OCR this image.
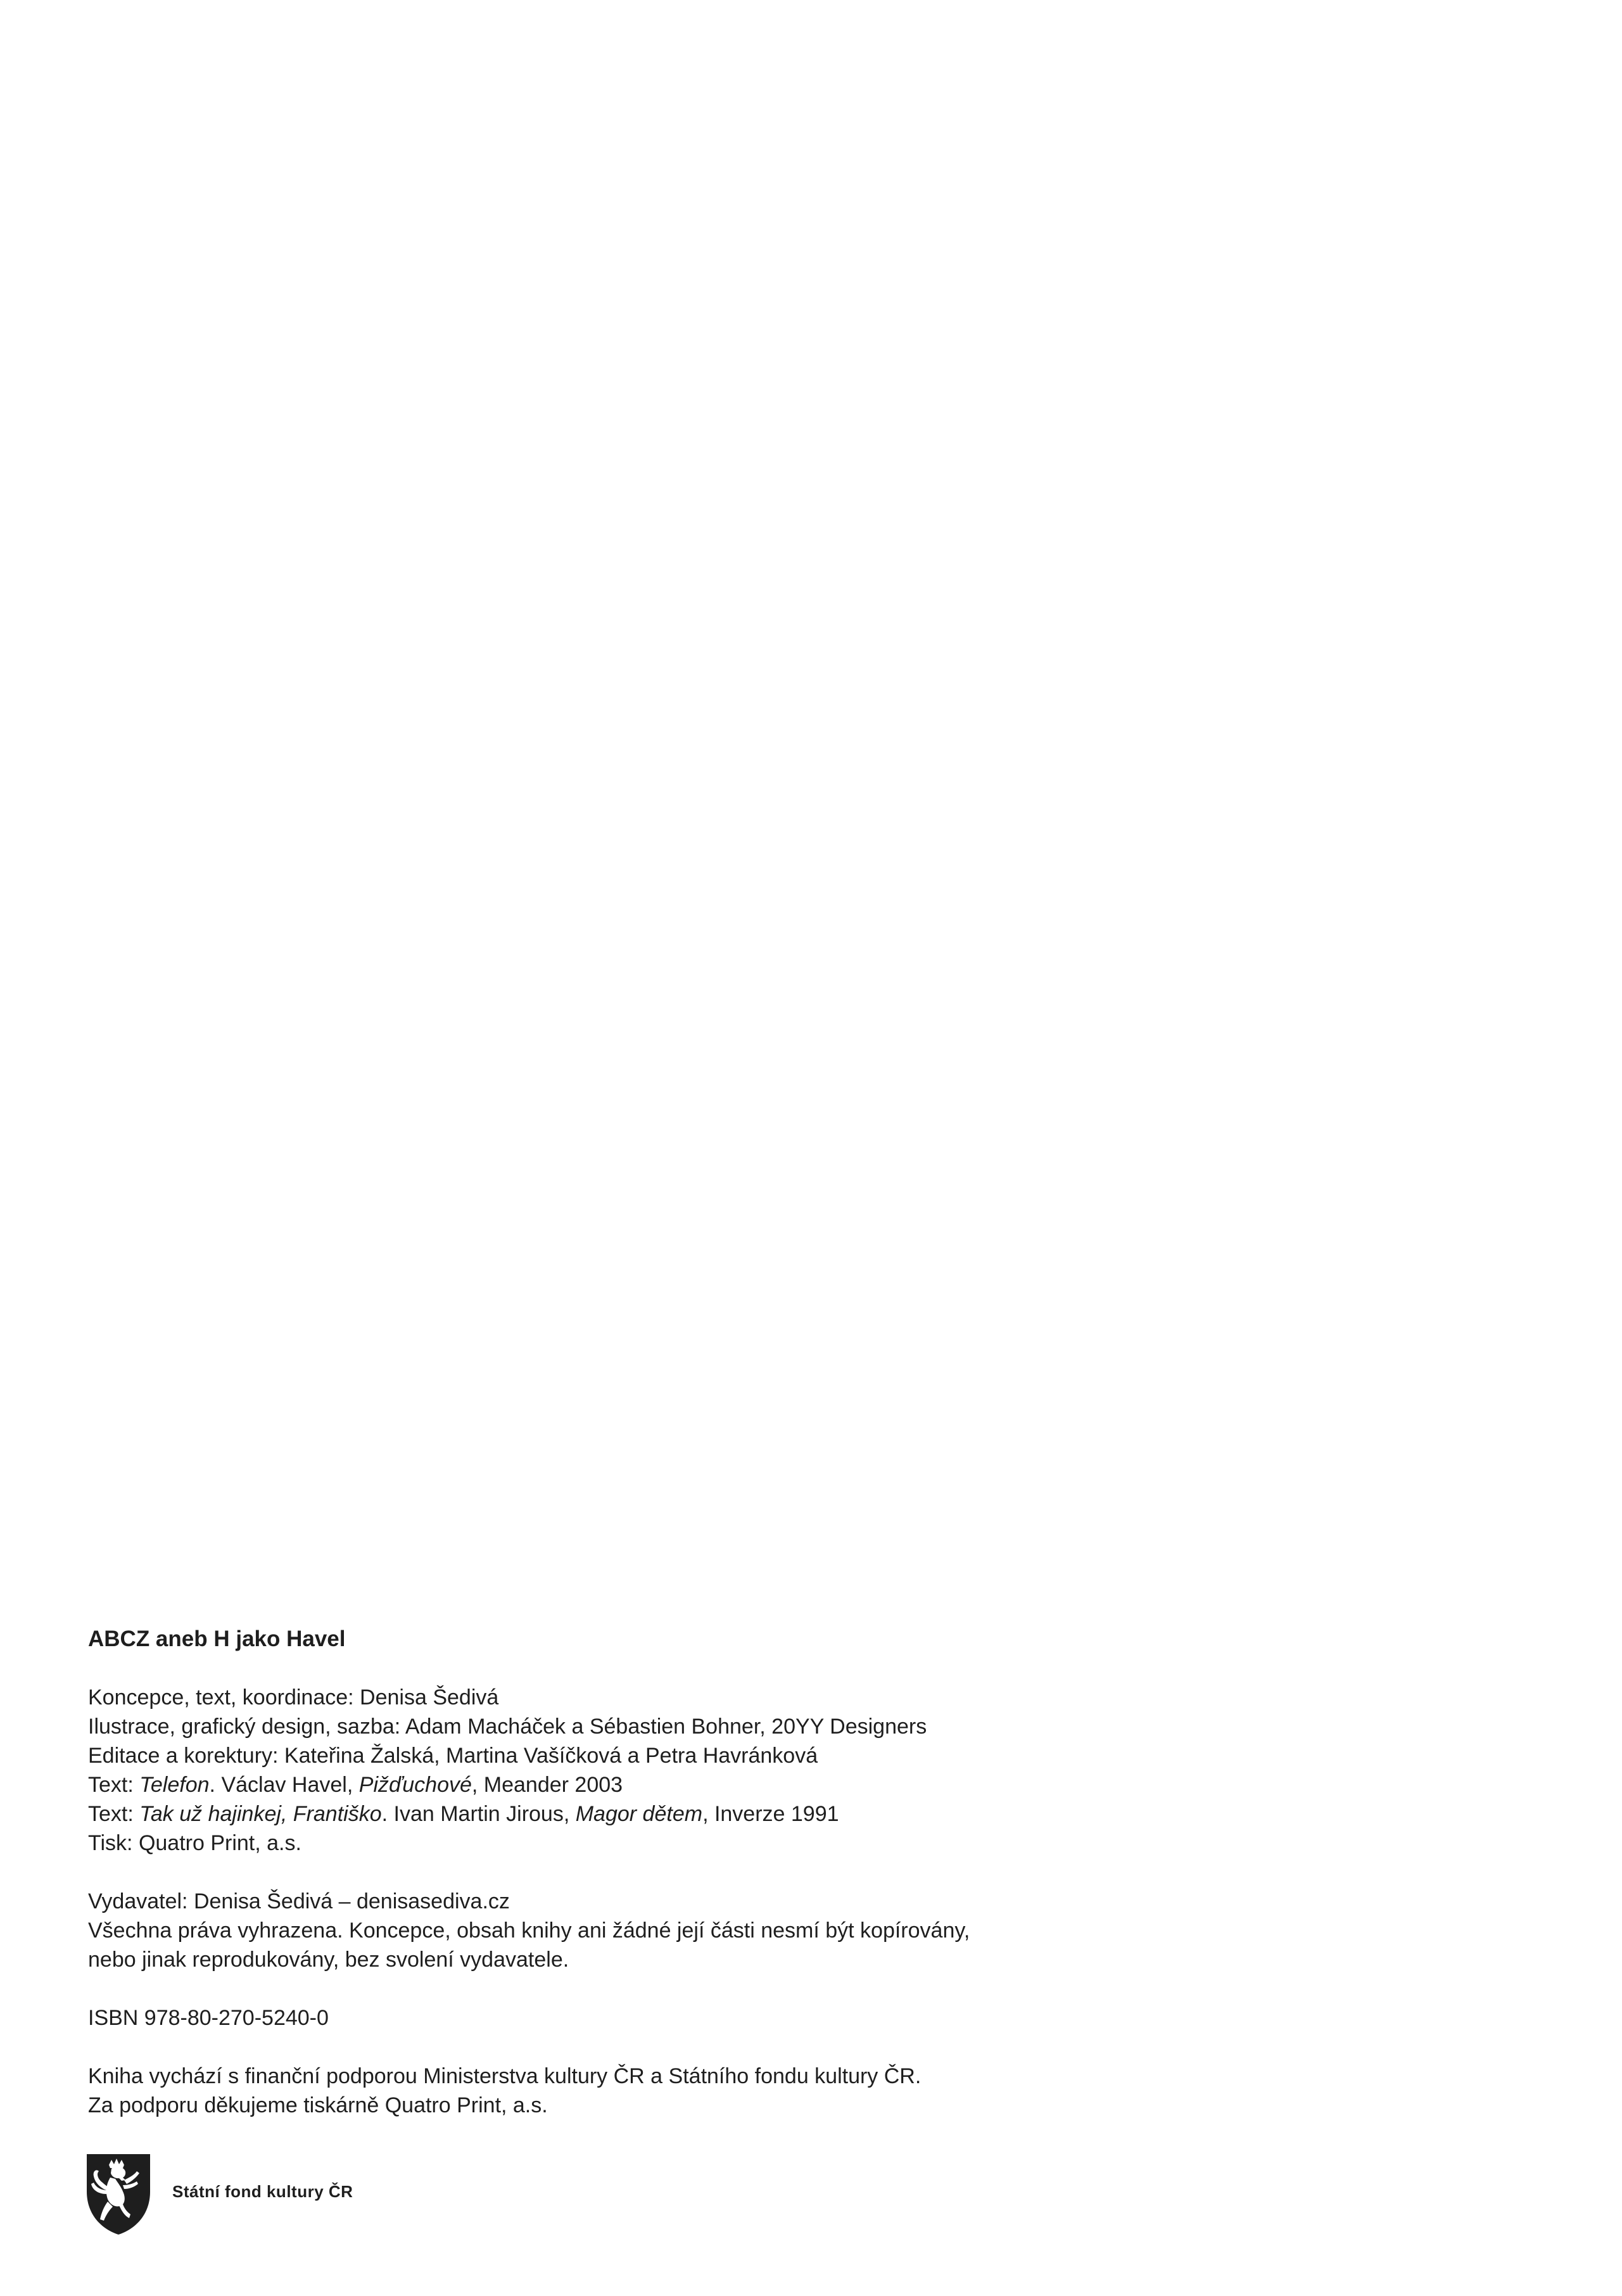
ABCZ aneb H jako Havel
Koncepce, text, koordinace: Denisa Šedivá
Ilustrace, grafický design, sazba: Adam Macháček a Sébastien Bohner, 20YY Designers
Editace a korektury: Kateřina Žalská, Martina Vašíčková a Petra Havránková
Text: Telefon. Václav Havel, Pižďuchové, Meander 2003
Text: Tak už hajinkej, Františko. Ivan Martin Jirous, Magor dětem, Inverze 1991
Tisk: Quatro Print, a.s.
Vydavatel: Denisa Šedivá – denisasediva.cz
Všechna práva vyhrazena. Koncepce, obsah knihy ani žádné její části nesmí být kopírovány,
nebo jinak reprodukovány, bez svolení vydavatele.
ISBN 978-80-270-5240-0
Kniha vychází s finanční podporou Ministerstva kultury ČR a Státního fondu kultury ČR.
Za podporu děkujeme tiskárně Quatro Print, a.s.
Státní fond kultury ČR
